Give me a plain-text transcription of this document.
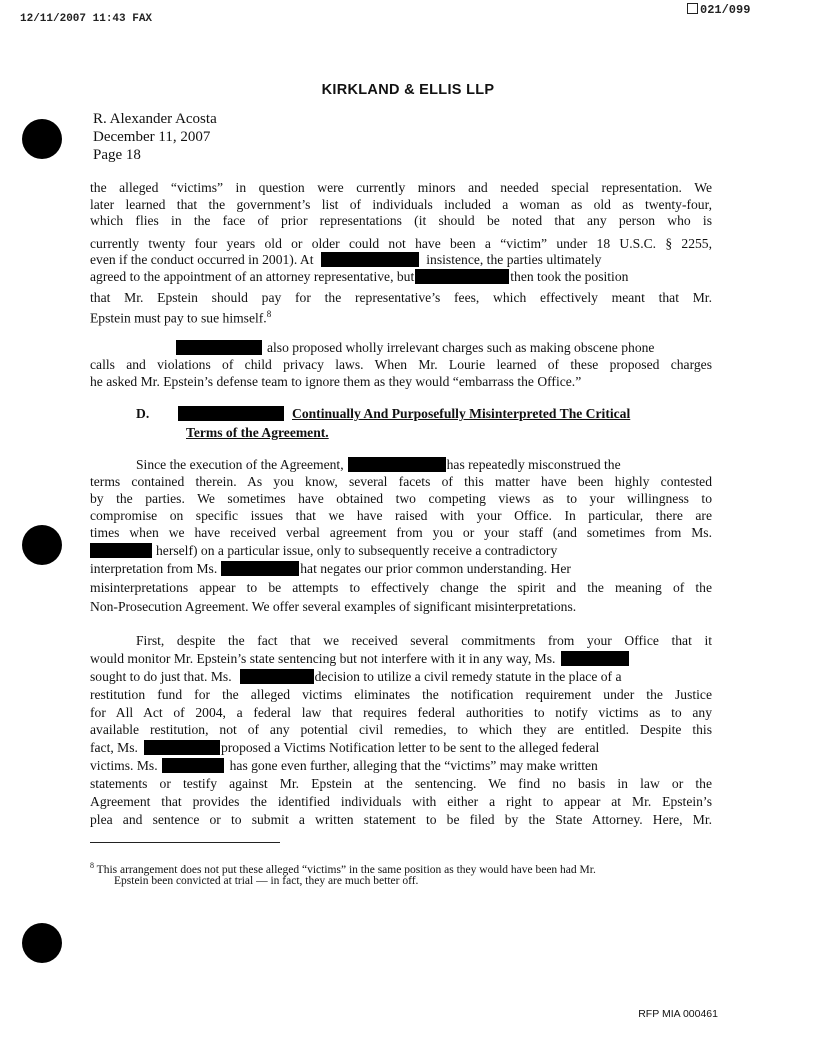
12/11/2007 11:43 FAX
021/099
KIRKLAND & ELLIS LLP
R. Alexander Acosta
December 11, 2007
Page 18
the alleged “victims” in question were currently minors and needed special representation. We
later learned that the government’s list of individuals included a woman as old as twenty-four,
which flies in the face of prior representations (it should be noted that any person who is
currently twenty four years old or older could not have been a “victim” under 18 U.S.C. § 2255,
even if the conduct occurred in 2001). At	insistence, the parties ultimately
agreed to the appointment of an attorney representative, but	then took the position
that Mr. Epstein should pay for the representative’s fees, which effectively meant that Mr.
Epstein must pay to sue himself.$^8$
also proposed wholly irrelevant charges such as making obscene phone
calls and violations of child privacy laws. When Mr. Lourie learned of these proposed charges
he asked Mr. Epstein’s defense team to ignore them as they would “embarrass the Office.”
D.	Continually And Purposefully Misinterpreted The Critical
Terms of the Agreement.
Since the execution of the Agreement,	has repeatedly misconstrued the
terms contained therein. As you know, several facets of this matter have been highly contested
by the parties. We sometimes have obtained two competing views as to your willingness to
compromise on specific issues that we have raised with your Office. In particular, there are
times when we have received verbal agreement from you or your staff (and sometimes from Ms.
herself) on a particular issue, only to subsequently receive a contradictory
interpretation from Ms.	hat negates our prior common understanding. Her
misinterpretations appear to be attempts to effectively change the spirit and the meaning of the
Non-Prosecution Agreement. We offer several examples of significant misinterpretations.
First, despite the fact that we received several commitments from your Office that it
would monitor Mr. Epstein’s state sentencing but not interfere with it in any way, Ms.
sought to do just that. Ms.	decision to utilize a civil remedy statute in the place of a
restitution fund for the alleged victims eliminates the notification requirement under the Justice
for All Act of 2004, a federal law that requires federal authorities to notify victims as to any
available restitution, not of any potential civil remedies, to which they are entitled. Despite this
fact, Ms.	proposed a Victims Notification letter to be sent to the alleged federal
victims. Ms.	has gone even further, alleging that the “victims” may make written
statements or testify against Mr. Epstein at the sentencing. We find no basis in law or the
Agreement that provides the identified individuals with either a right to appear at Mr. Epstein’s
plea and sentence or to submit a written statement to be filed by the State Attorney. Here, Mr.
$^8$ This arrangement does not put these alleged “victims” in the same position as they would have been had Mr.
Epstein been convicted at trial — in fact, they are much better off.
RFP MIA 000461
